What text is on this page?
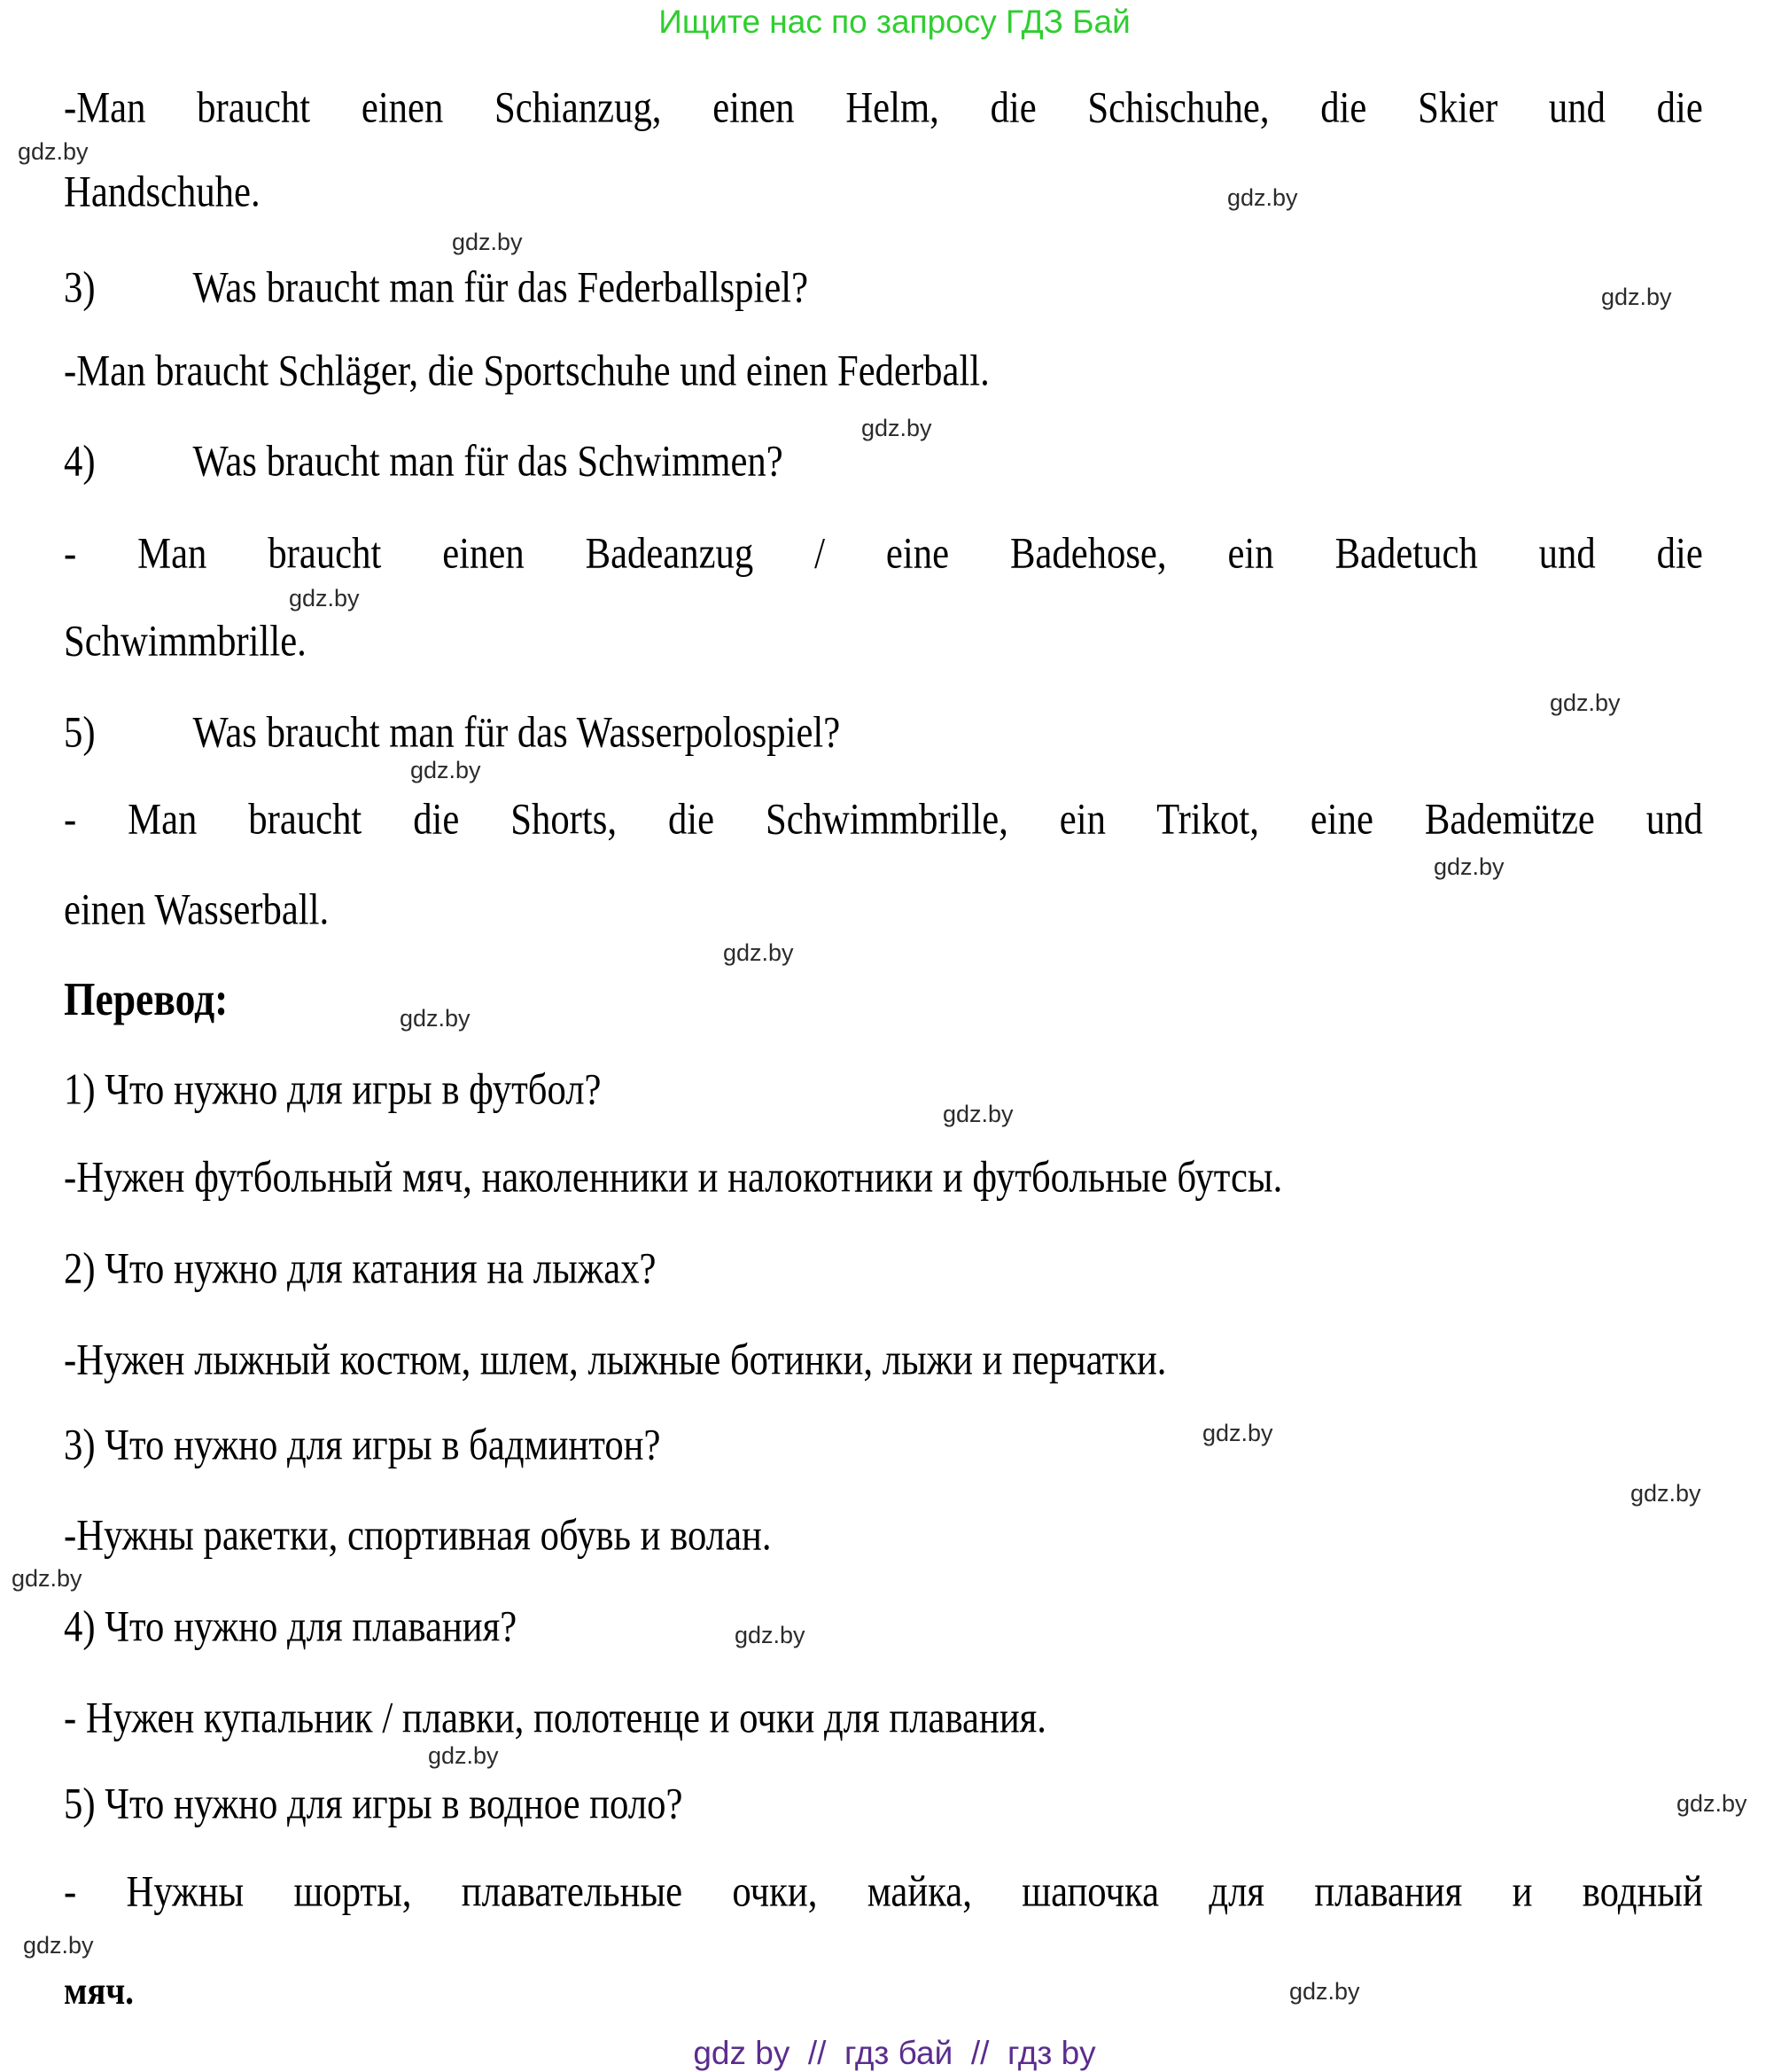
Ищите нас по запросу ГДЗ Бай
-Man braucht einen Schianzug, einen Helm, die Schischuhe, die Skier und die
Handschuhe.
3)	Was braucht man für das Federballspiel?
-Man braucht Schläger, die Sportschuhe und einen Federball.
4)	Was braucht man für das Schwimmen?
- Man braucht einen Badeanzug / eine Badehose, ein Badetuch und die
Schwimmbrille.
5)	Was braucht man für das Wasserpolospiel?
- Man braucht die Shorts, die Schwimmbrille, ein Trikot, eine Bademütze und
einen Wasserball.
Перевод:
1) Что нужно для игры в футбол?
-Нужен футбольный мяч, наколенники и налокотники и футбольные бутсы.
2) Что нужно для катания на лыжах?
-Нужен лыжный костюм, шлем, лыжные ботинки, лыжи и перчатки.
3) Что нужно для игры в бадминтон?
-Нужны ракетки, спортивная обувь и волан.
4) Что нужно для плавания?
- Нужен купальник / плавки, полотенце и очки для плавания.
5) Что нужно для игры в водное поло?
- Нужны шорты, плавательные очки, майка, шапочка для плавания и водный
мяч.
gdz.by
gdz.by
gdz.by
gdz.by
gdz.by
gdz.by
gdz.by
gdz.by
gdz.by
gdz.by
gdz.by
gdz.by
gdz.by
gdz.by
gdz.by
gdz.by
gdz.by
gdz.by
gdz.by
gdz.by
gdz by  //  гдз бай  //  гдз by
